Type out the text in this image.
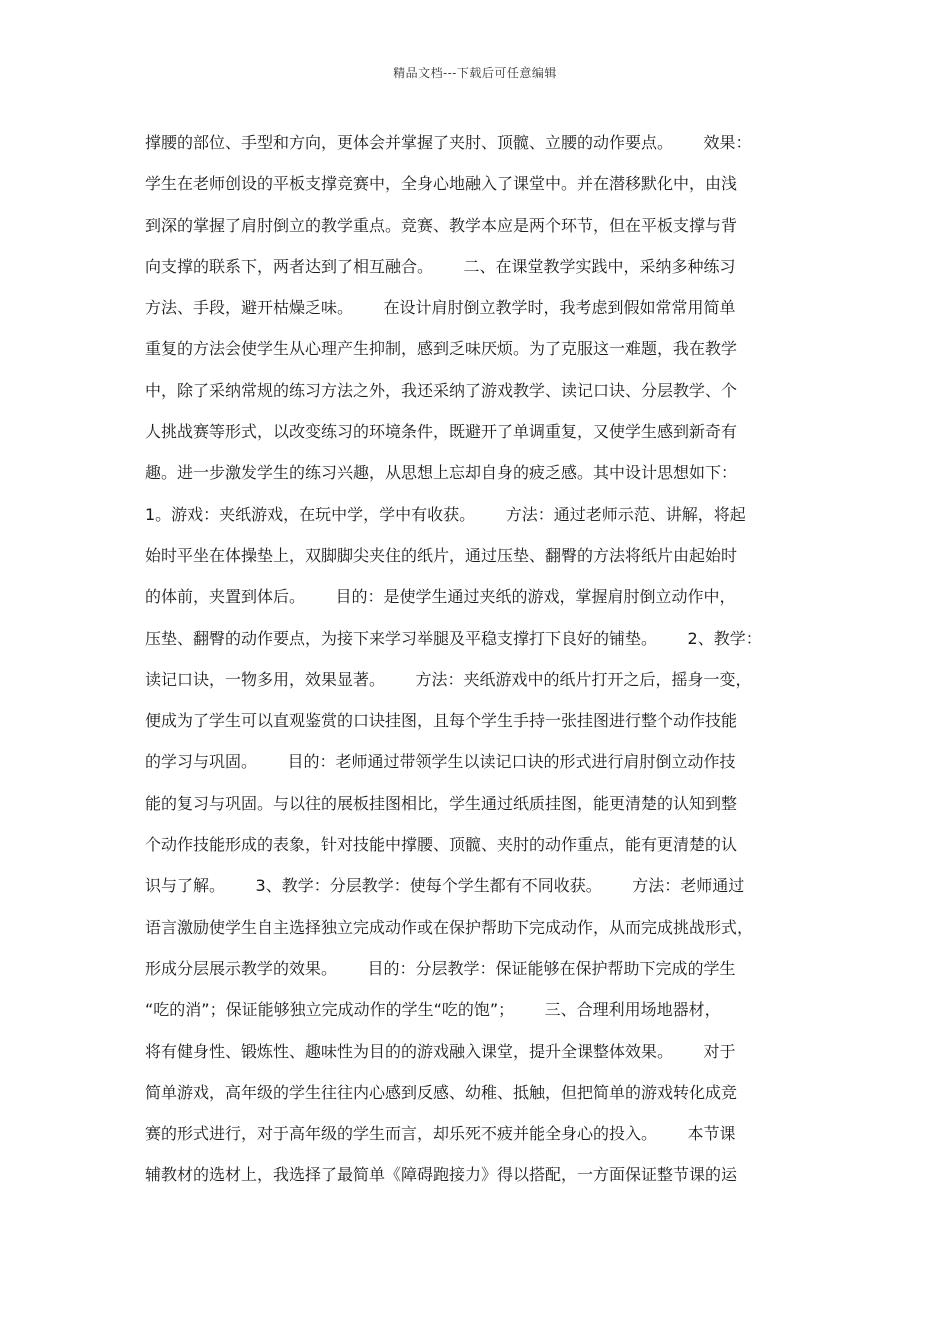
精品文档---下载后可任意编辑
撑腰的部位、手型和方向，更体会并掌握了夹肘、顶髋、立腰的动作要点。      效果：
学生在老师创设的平板支撑竞赛中，全身心地融入了课堂中。并在潜移默化中，由浅
到深的掌握了肩肘倒立的教学重点。竞赛、教学本应是两个环节，但在平板支撑与背
向支撑的联系下，两者达到了相互融合。      二、在课堂教学实践中，采纳多种练习
方法、手段，避开枯燥乏味。      在设计肩肘倒立教学时，我考虑到假如常常用简单
重复的方法会使学生从心理产生抑制，感到乏味厌烦。为了克服这一难题，我在教学
中，除了采纳常规的练习方法之外，我还采纳了游戏教学、读记口诀、分层教学、个
人挑战赛等形式，以改变练习的环境条件，既避开了单调重复，又使学生感到新奇有
趣。进一步激发学生的练习兴趣，从思想上忘却自身的疲乏感。其中设计思想如下：
1。游戏：夹纸游戏，在玩中学，学中有收获。      方法：通过老师示范、讲解，将起
始时平坐在体操垫上，双脚脚尖夹住的纸片，通过压垫、翻臀的方法将纸片由起始时
的体前，夹置到体后。      目的：是使学生通过夹纸的游戏，掌握肩肘倒立动作中，
压垫、翻臀的动作要点，为接下来学习举腿及平稳支撑打下良好的铺垫。      2、教学：
读记口诀，一物多用，效果显著。      方法：夹纸游戏中的纸片打开之后，摇身一变，
便成为了学生可以直观鉴赏的口诀挂图，且每个学生手持一张挂图进行整个动作技能
的学习与巩固。      目的：老师通过带领学生以读记口诀的形式进行肩肘倒立动作技
能的复习与巩固。与以往的展板挂图相比，学生通过纸质挂图，能更清楚的认知到整
个动作技能形成的表象，针对技能中撑腰、顶髋、夹肘的动作重点，能有更清楚的认
识与了解。      3、教学：分层教学：使每个学生都有不同收获。      方法：老师通过
语言激励使学生自主选择独立完成动作或在保护帮助下完成动作，从而完成挑战形式，
形成分层展示教学的效果。      目的：分层教学：保证能够在保护帮助下完成的学生
“吃的消”；保证能够独立完成动作的学生“吃的饱”；      三、合理利用场地器材，
将有健身性、锻炼性、趣味性为目的的游戏融入课堂，提升全课整体效果。      对于
简单游戏，高年级的学生往往内心感到反感、幼稚、抵触，但把简单的游戏转化成竞
赛的形式进行，对于高年级的学生而言，却乐死不疲并能全身心的投入。      本节课
辅教材的选材上，我选择了最简单《障碍跑接力》得以搭配，一方面保证整节课的运
